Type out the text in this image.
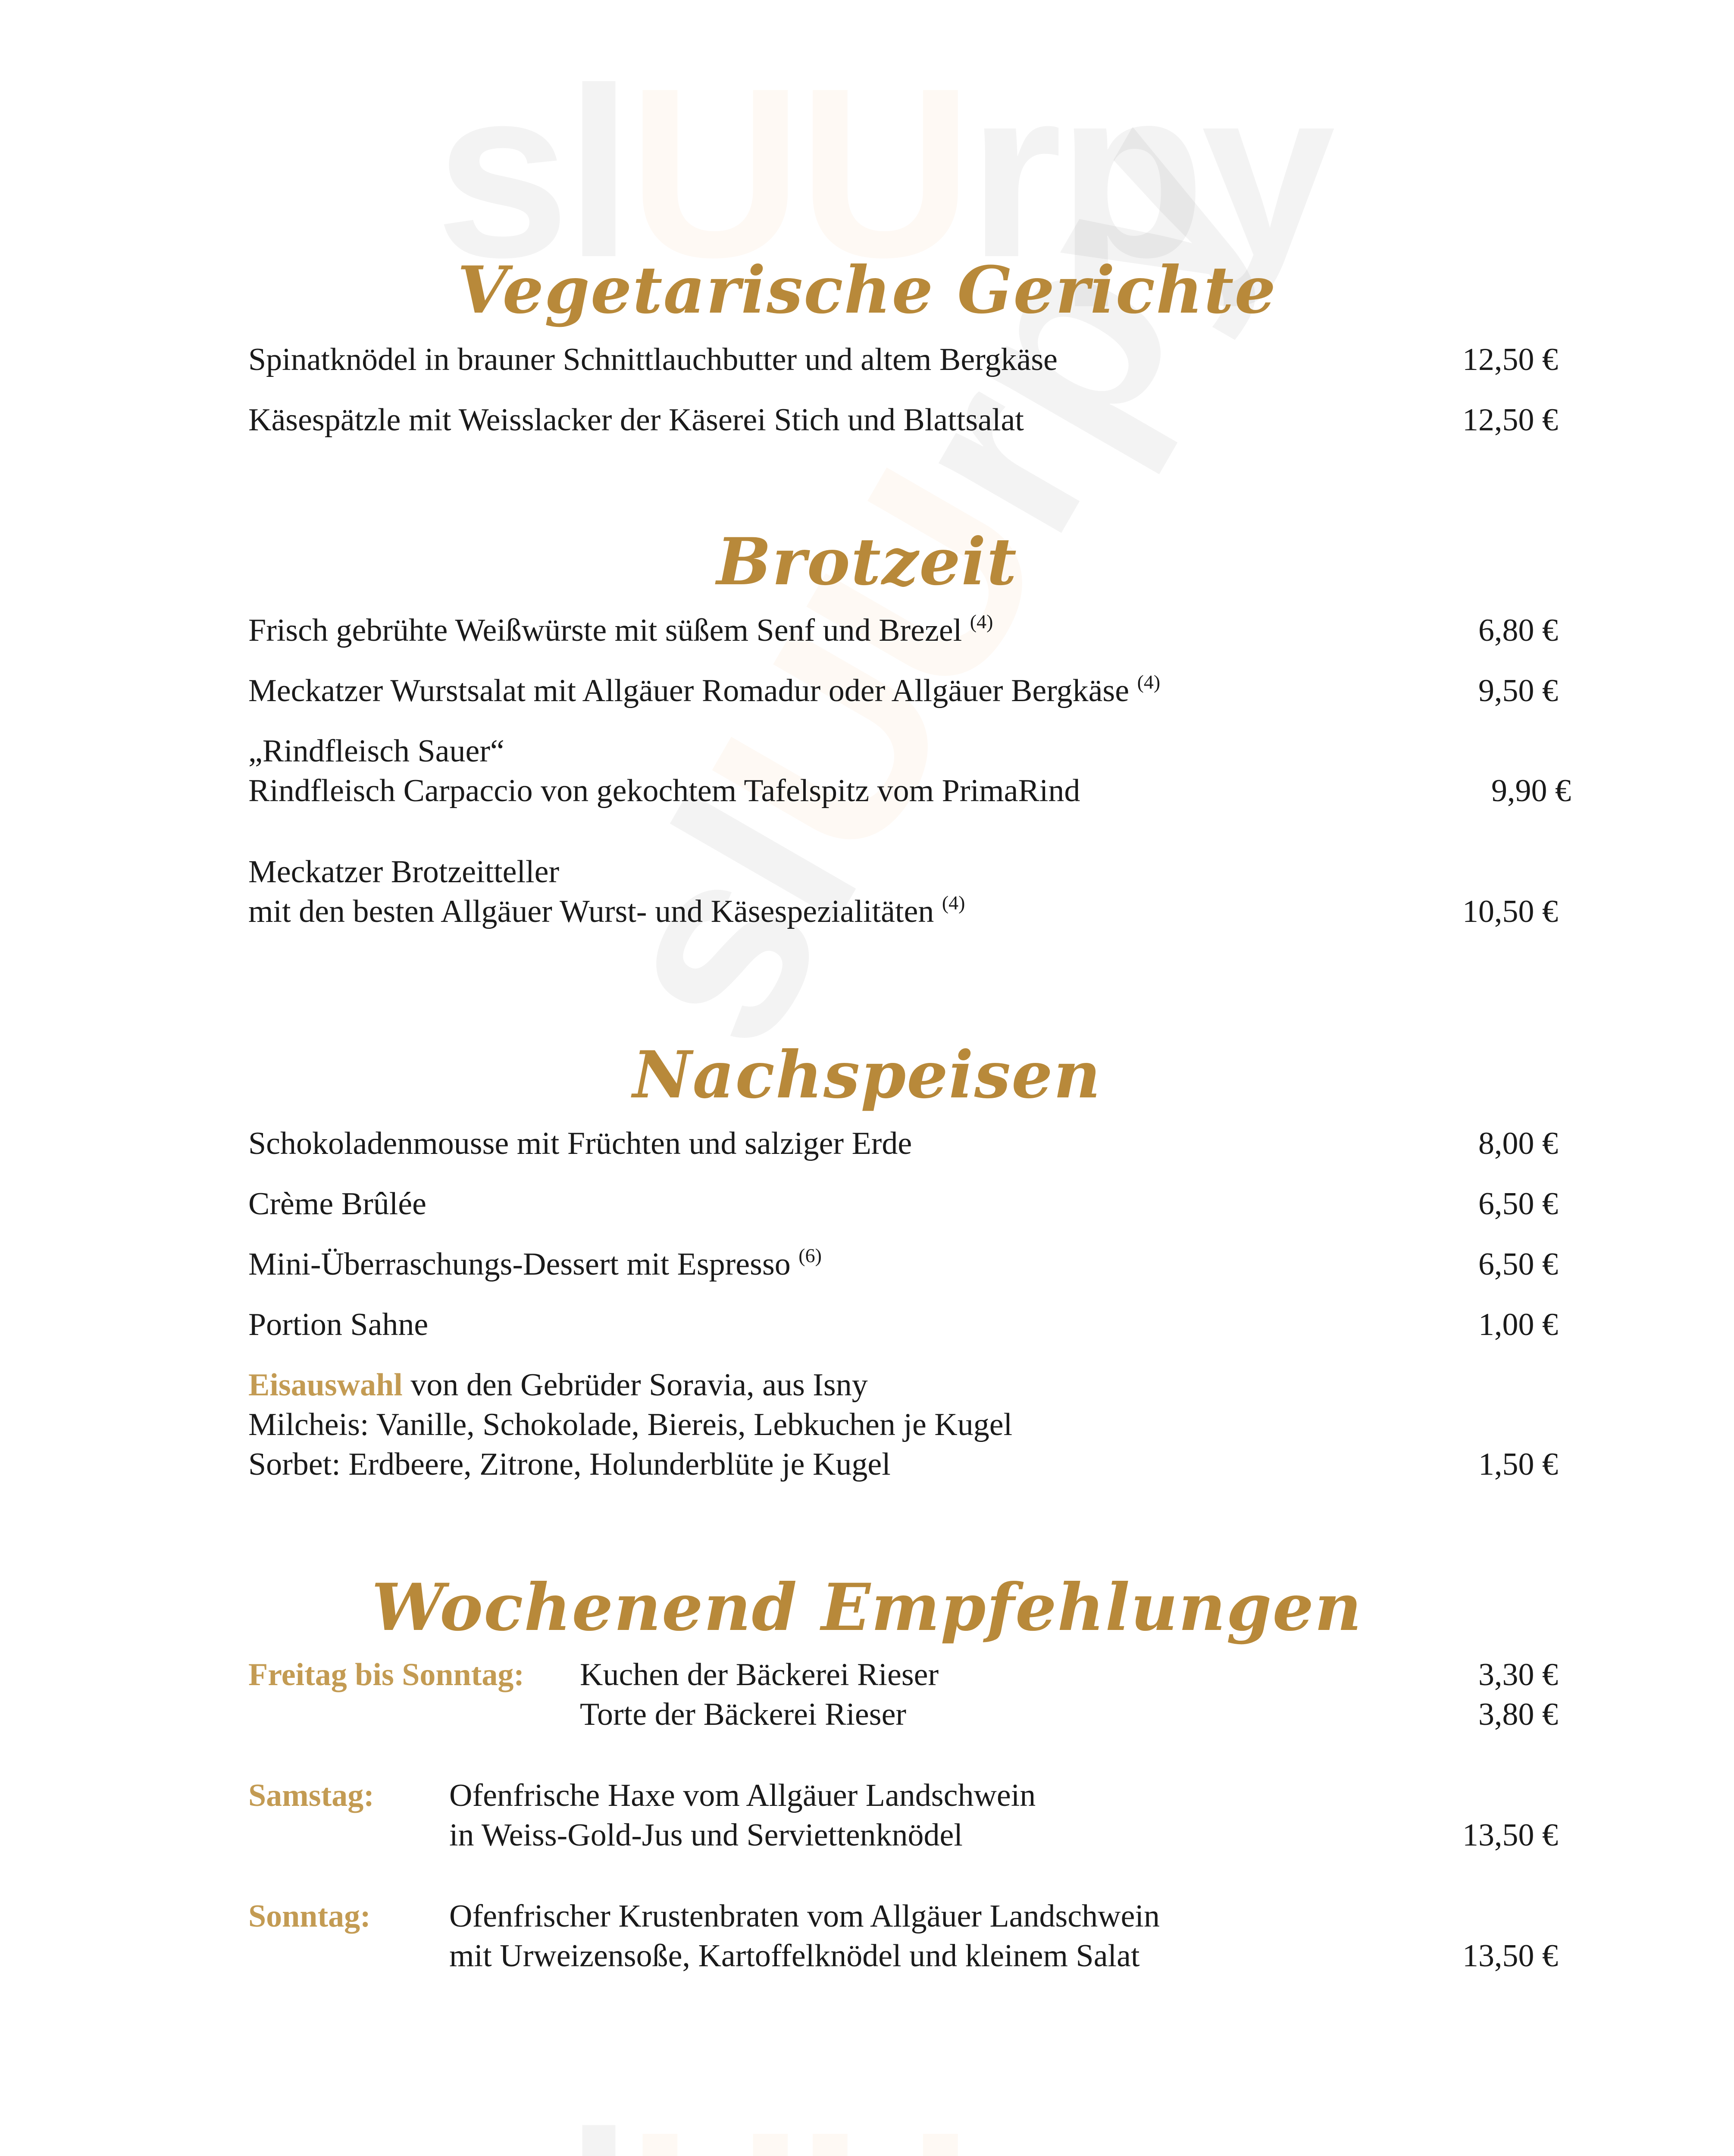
Vegetarische Gerichte
Spinatknödel in brauner Schnittlauchbutter und altem Bergkäse	12,50 €
Käsespätzle mit Weisslacker der Käserei Stich und Blattsalat	12,50 €
Brotzeit
Frisch gebrühte Weißwürste mit süßem Senf und Brezel $^{(4)}$	6,80 €
Meckatzer Wurstsalat mit Allgäuer Romadur oder Allgäuer Bergkäse $^{(4)}$	9,50 €
„Rindfleisch Sauer“
Rindfleisch Carpaccio von gekochtem Tafelspitz vom PrimaRind	9,90 €
Meckatzer Brotzeitteller
mit den besten Allgäuer Wurst- und Käsespezialitäten $^{(4)}$	10,50 €
Nachspeisen
Schokoladenmousse mit Früchten und salziger Erde	8,00 €
Crème Brûlée	6,50 €
Mini-Überraschungs-Dessert mit Espresso $^{(6)}$	6,50 €
Portion Sahne	1,00 €
Eisauswahl von den Gebrüder Soravia, aus Isny
Milcheis: Vanille, Schokolade, Biereis, Lebkuchen je Kugel
Sorbet: Erdbeere, Zitrone, Holunderblüte je Kugel	1,50 €
Wochenend Empfehlungen
Freitag bis Sonntag: Kuchen der Bäckerei Rieser	3,30 €
Torte der Bäckerei Rieser	3,80 €
Samstag: Ofenfrische Haxe vom Allgäuer Landschwein
in Weiss-Gold-Jus und Serviettenknödel	13,50 €
Sonntag: Ofenfrischer Krustenbraten vom Allgäuer Landschwein
mit Urweizensoße, Kartoffelknödel und kleinem Salat	13,50 €
